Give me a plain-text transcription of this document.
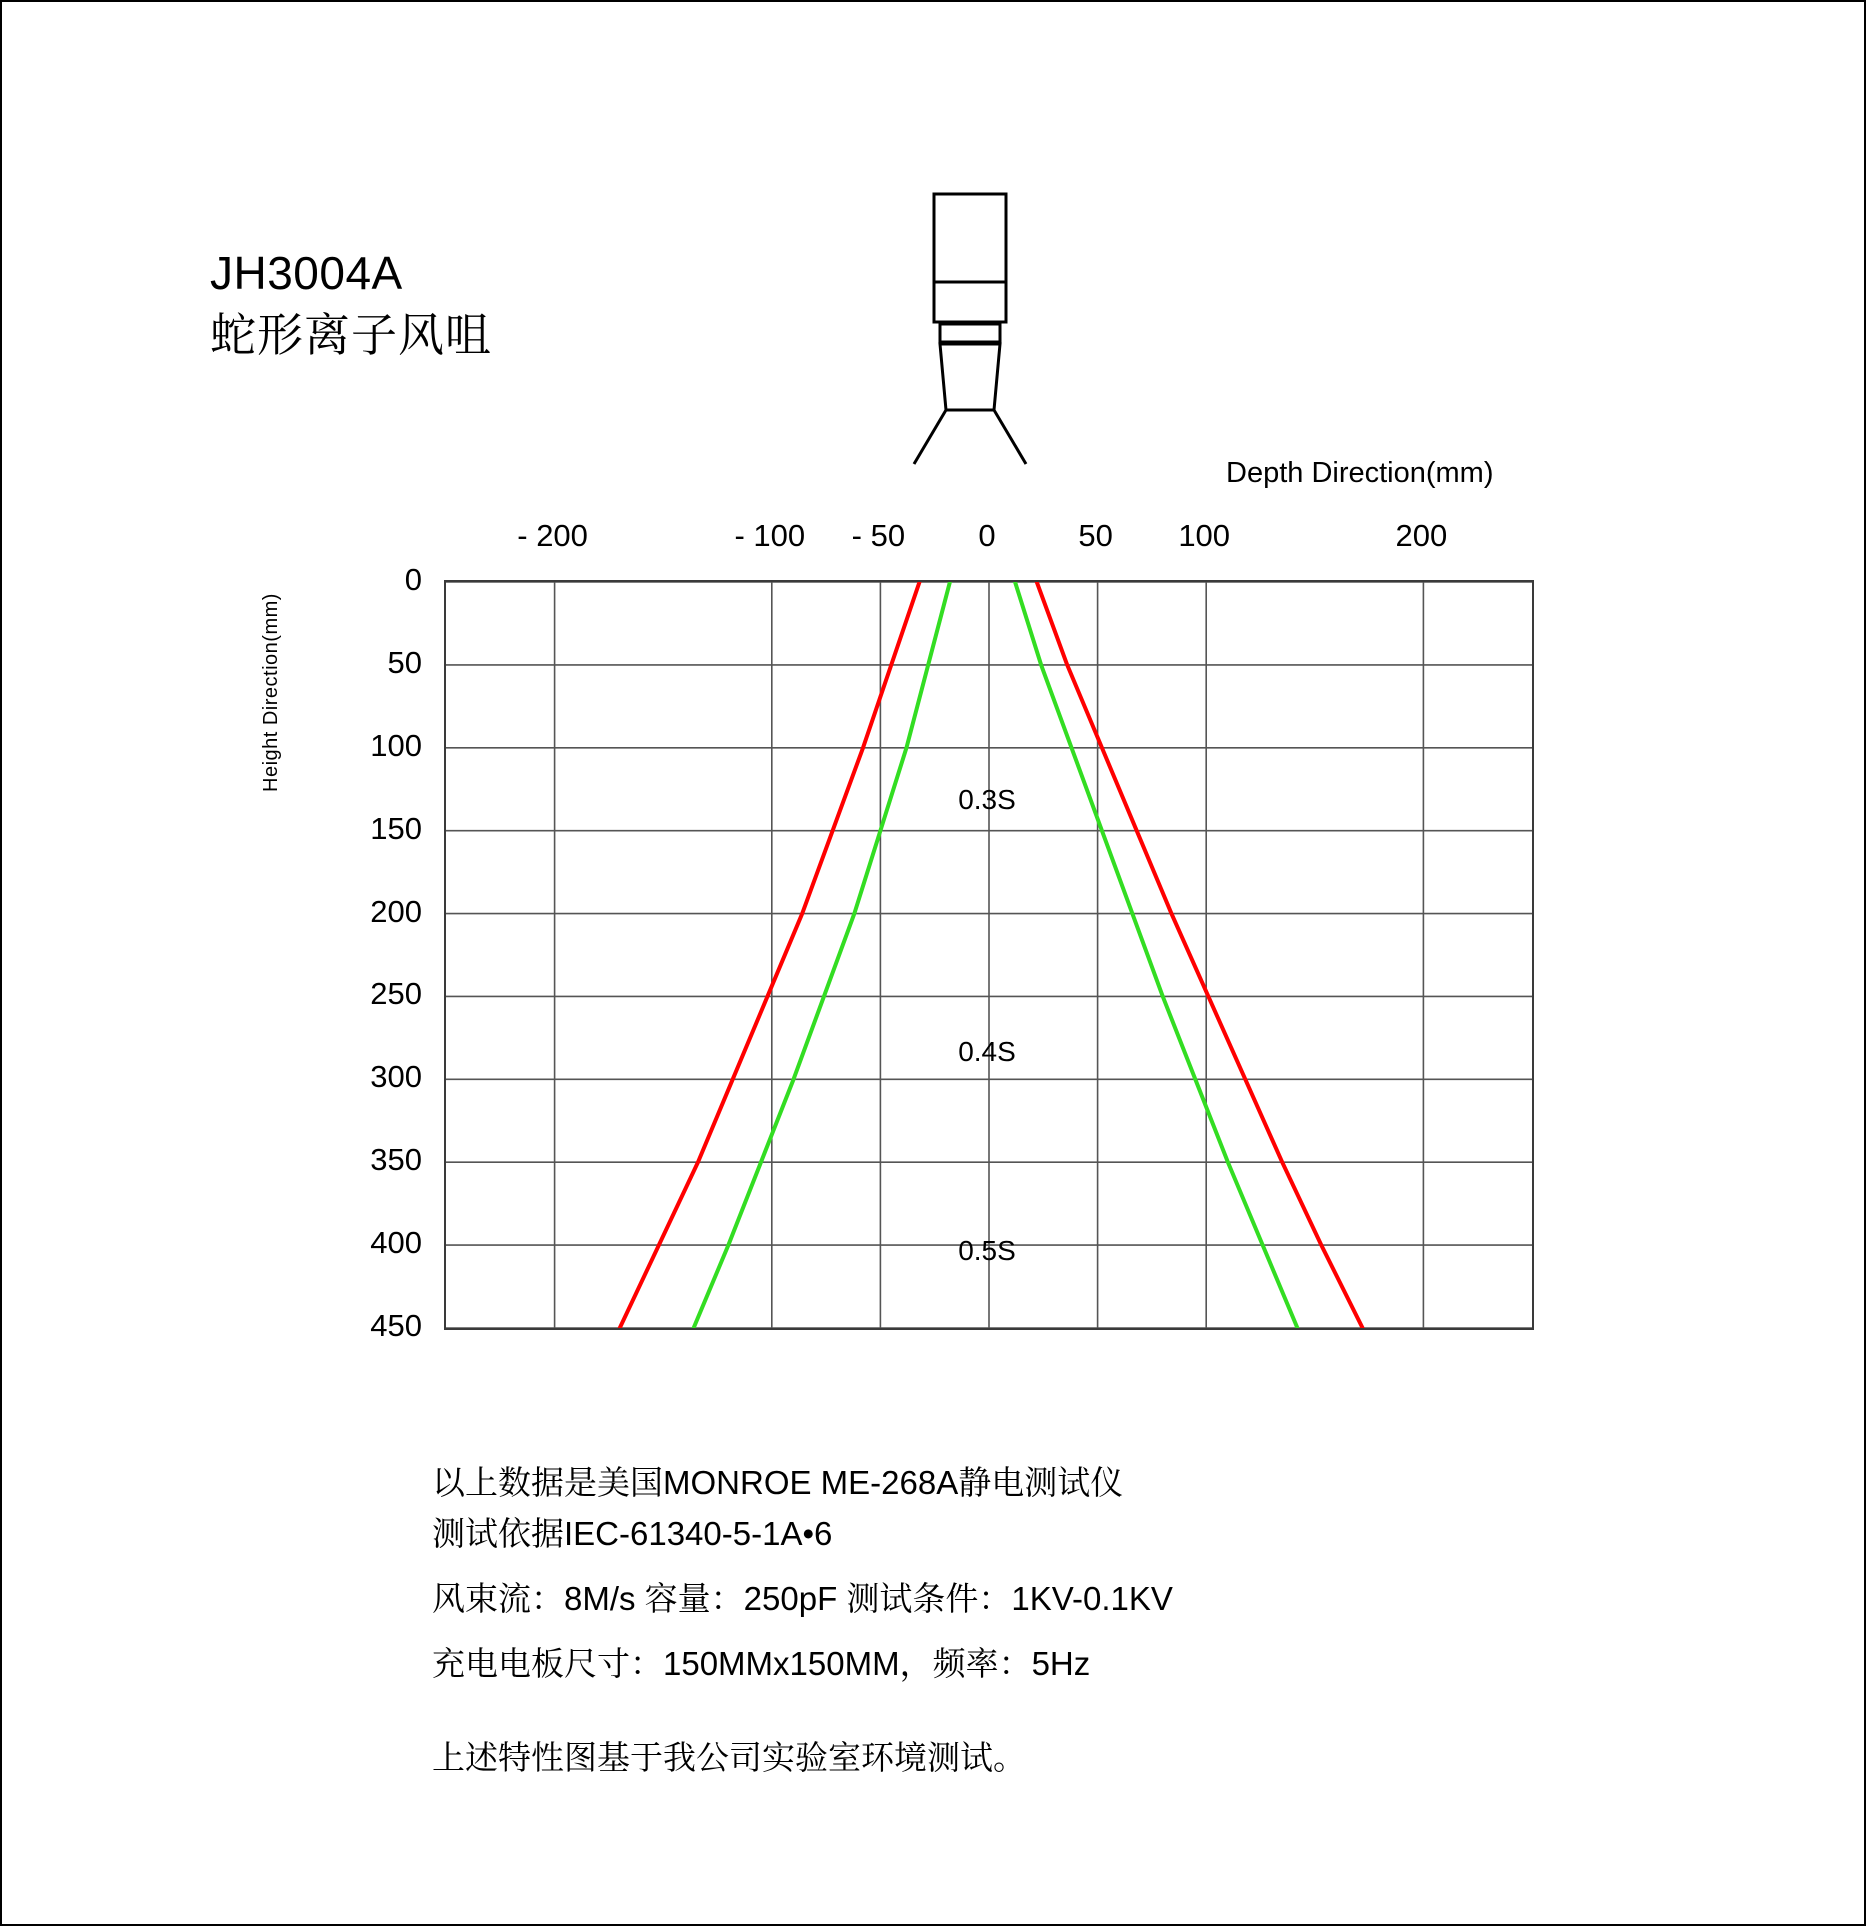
JH3004A
蛇形离子风咀
Depth Direction(mm)
Height Direction(mm)
- 200	- 100 - 50 0	50 100	200
0
50
100
150
200
250
300
350
400
450
0.3S
0.4S
0.5S
以上数据是美国MONROE ME-268A静电测试仪
测试依据IEC-61340-5-1A•6
风束流：8M/s 容量：250pF 测试条件：1KV-0.1KV
充电电板尺寸：150MMx150MM，频率：5Hz
上述特性图基于我公司实验室环境测试。
